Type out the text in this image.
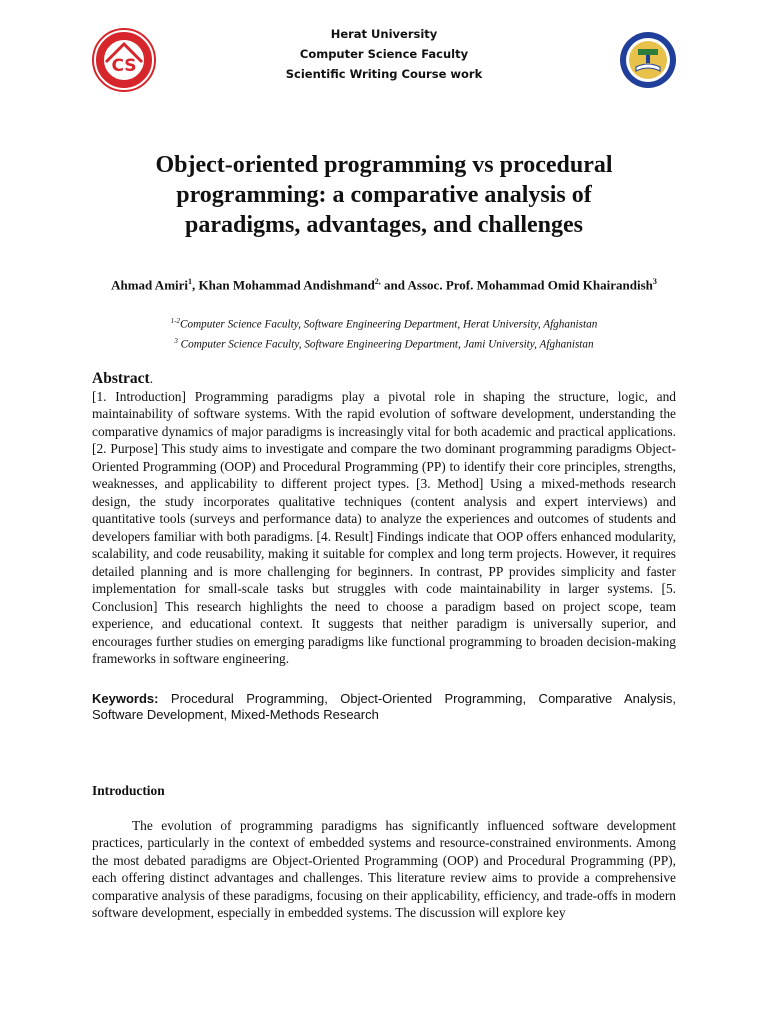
CS
Herat University
Computer Science Faculty
Scientific Writing Course work
Object-oriented programming vs procedural programming: a comparative analysis of paradigms, advantages, and challenges
Ahmad Amiri$^1$, Khan Mohammad Andishmand$^{2,}$ and Assoc. Prof. Mohammad Omid Khairandish$^3$
$^{1-2}$Computer Science Faculty, Software Engineering Department, Herat University, Afghanistan
$^3$ Computer Science Faculty, Software Engineering Department, Jami University, Afghanistan
Abstract.
[1. Introduction] Programming paradigms play a pivotal role in shaping the structure, logic, and maintainability of software systems. With the rapid evolution of software development, understanding the comparative dynamics of major paradigms is increasingly vital for both academic and practical applications. [2. Purpose] This study aims to investigate and compare the two dominant programming paradigms Object-Oriented Programming (OOP) and Procedural Programming (PP) to identify their core principles, strengths, weaknesses, and applicability to different project types. [3. Method] Using a mixed-methods research design, the study incorporates qualitative techniques (content analysis and expert interviews) and quantitative tools (surveys and performance data) to analyze the experiences and outcomes of students and developers familiar with both paradigms. [4. Result] Findings indicate that OOP offers enhanced modularity, scalability, and code reusability, making it suitable for complex and long term projects. However, it requires detailed planning and is more challenging for beginners. In contrast, PP provides simplicity and faster implementation for small-scale tasks but struggles with code maintainability in larger systems. [5. Conclusion] This research highlights the need to choose a paradigm based on project scope, team experience, and educational context. It suggests that neither paradigm is universally superior, and encourages further studies on emerging paradigms like functional programming to broaden decision-making frameworks in software engineering.
Keywords: Procedural Programming, Object-Oriented Programming, Comparative Analysis, Software Development, Mixed-Methods Research
Introduction
The evolution of programming paradigms has significantly influenced software development practices, particularly in the context of embedded systems and resource-constrained environments. Among the most debated paradigms are Object-Oriented Programming (OOP) and Procedural Programming (PP), each offering distinct advantages and challenges. This literature review aims to provide a comprehensive comparative analysis of these paradigms, focusing on their applicability, efficiency, and trade-offs in modern software development, especially in embedded systems. The discussion will explore key
